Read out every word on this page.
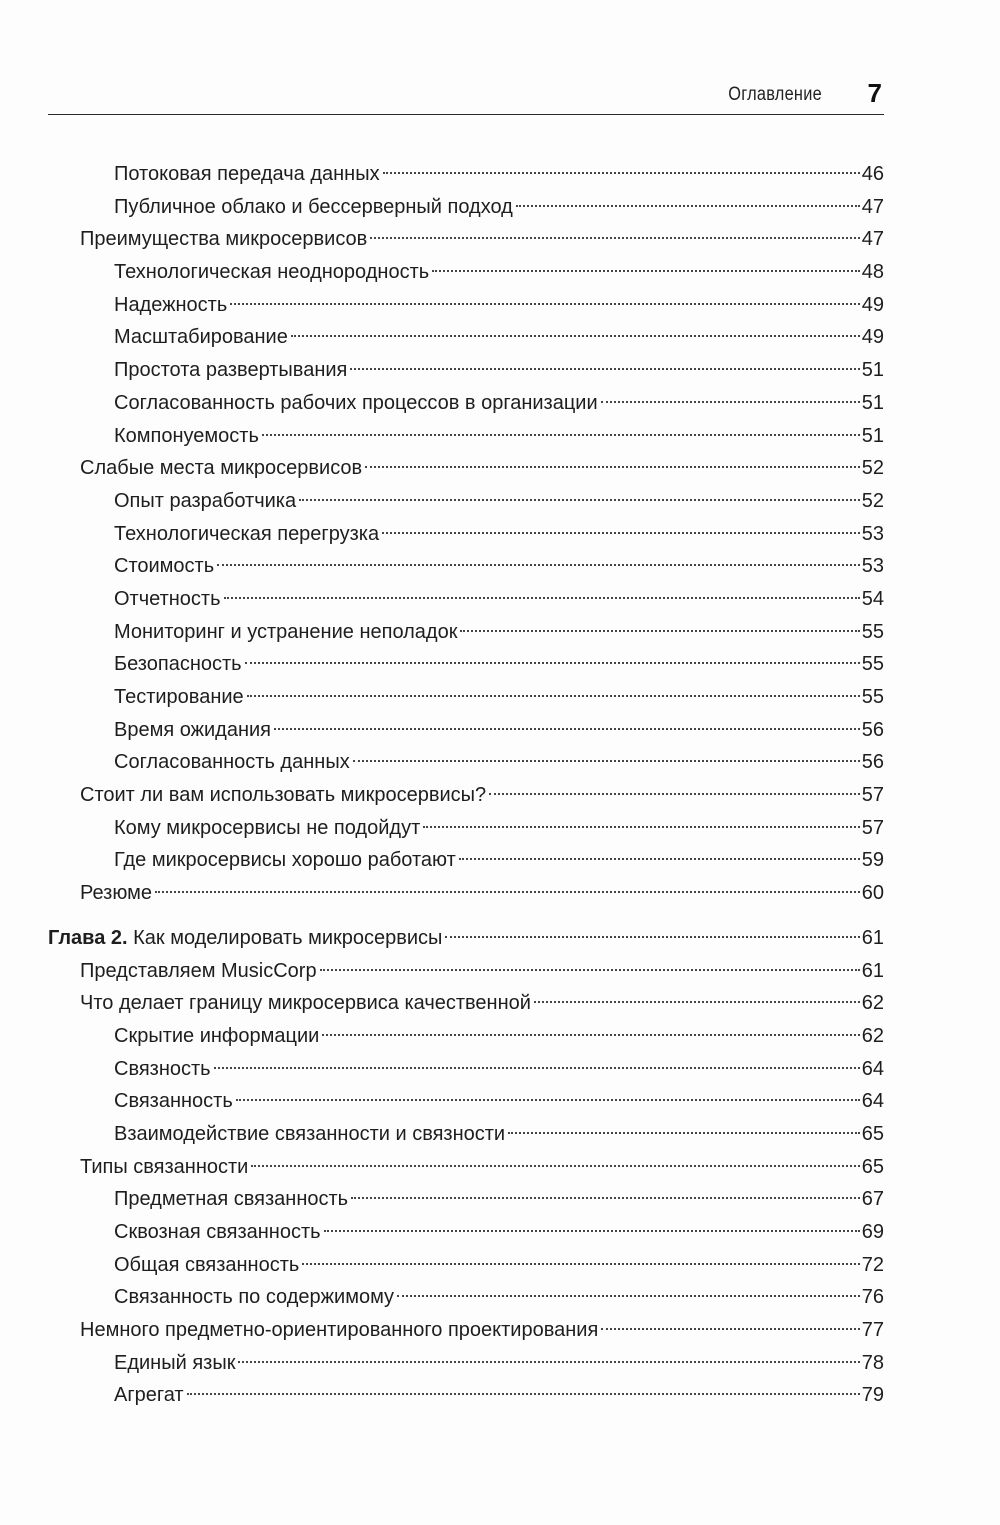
Оглавление 7
Потоковая передача данных	46
Публичное облако и бессерверный подход	47
Преимущества микросервисов	47
Технологическая неоднородность	48
Надежность	49
Масштабирование	49
Простота развертывания	51
Согласованность рабочих процессов в организации	51
Компонуемость	51
Слабые места микросервисов	52
Опыт разработчика	52
Технологическая перегрузка	53
Стоимость	53
Отчетность	54
Мониторинг и устранение неполадок	55
Безопасность	55
Тестирование	55
Время ожидания	56
Согласованность данных	56
Стоит ли вам использовать микросервисы?	57
Кому микросервисы не подойдут	57
Где микросервисы хорошо работают	59
Резюме	60
Глава 2. Как моделировать микросервисы	61
Представляем MusicCorp	61
Что делает границу микросервиса качественной	62
Скрытие информации	62
Связность	64
Связанность	64
Взаимодействие связанности и связности	65
Типы связанности	65
Предметная связанность	67
Сквозная связанность	69
Общая связанность	72
Связанность по содержимому	76
Немного предметно-ориентированного проектирования	77
Единый язык	78
Агрегат	79
